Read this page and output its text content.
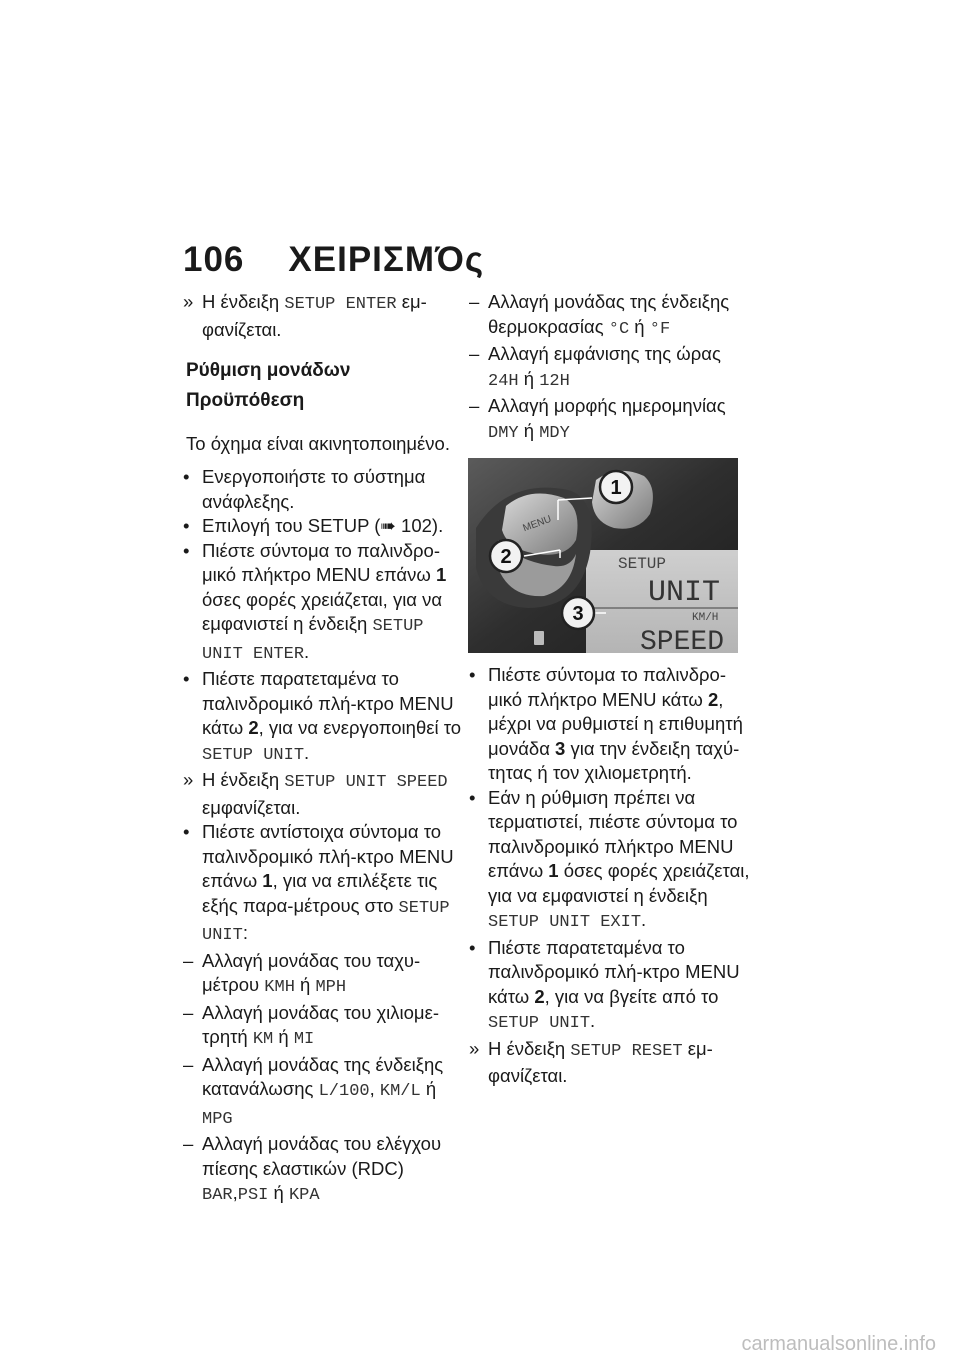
106 ΧΕΙΡΙΣΜΌς

» Η ένδειξη SETUP ENTER εμ-φανίζεται.

Ρύθμιση μονάδων
Προϋπόθεση

Το όχημα είναι ακινητοποιημένο.

• Ενεργοποιήστε το σύστημα ανάφλεξης.

• Επιλογή του SETUP (➠ 102).

• Πιέστε σύντομα το παλινδρο-μικό πλήκτρο MENU επάνω 1 όσες φορές χρειάζεται, για να εμφανιστεί η ένδειξη SETUP UNIT ENTER.

• Πιέστε παρατεταμένα το παλινδρομικό πλή-κτρο MENU κάτω 2, για να ενεργοποιηθεί το SETUP UNIT.

» Η ένδειξη SETUP UNIT SPEED εμφανίζεται.

• Πιέστε αντίστοιχα σύντομα το παλινδρομικό πλή-κτρο MENU επάνω 1, για να επιλέξετε τις εξής παρα-μέτρους στο SETUP UNIT:

– Αλλαγή μονάδας του ταχυ-μέτρου KMH ή MPH

– Αλλαγή μονάδας του χιλιομε-τρητή KM ή MI

– Αλλαγή μονάδας της ένδειξης κατανάλωσης L/100, KM/L ή MPG

– Αλλαγή μονάδας του ελέγχου πίεσης ελαστικών (RDC) BAR,PSI ή KPA

– Αλλαγή μονάδας της ένδειξης θερμοκρασίας °C ή °F

– Αλλαγή εμφάνισης της ώρας 24H ή 12H

– Αλλαγή μορφής ημερομηνίας DMY ή MDY

MENU
SETUP
UNIT
KM/H
SPEED
1
2
3

• Πιέστε σύντομα το παλινδρο-μικό πλήκτρο MENU κάτω 2, μέχρι να ρυθμιστεί η επιθυμητή μονάδα 3 για την ένδειξη ταχύ-τητας ή τον χιλιομετρητή.

• Εάν η ρύθμιση πρέπει να τερματιστεί, πιέστε σύντομα το παλινδρομικό πλήκτρο MENU επάνω 1 όσες φορές χρειάζεται, για να εμφανιστεί η ένδειξη SETUP UNIT EXIT.

• Πιέστε παρατεταμένα το παλινδρομικό πλή-κτρο MENU κάτω 2, για να βγείτε από το SETUP UNIT.

» Η ένδειξη SETUP RESET εμ-φανίζεται.

carmanualsonline.info
